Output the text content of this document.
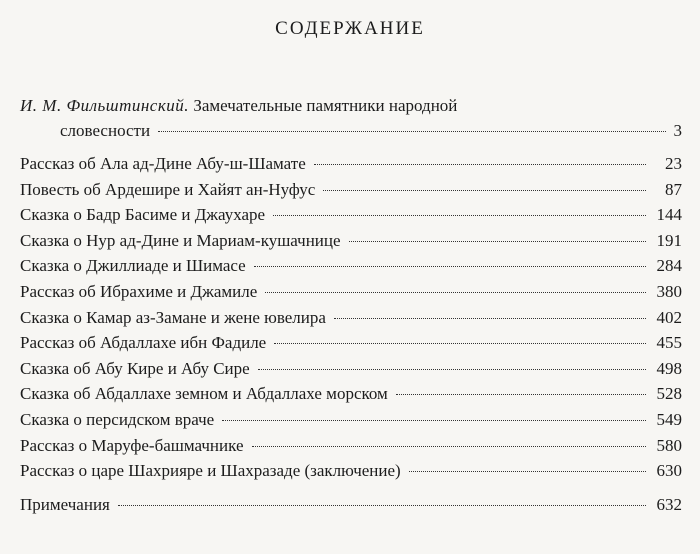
СОДЕРЖАНИЕ
И. М. Фильштинский. Замечательные памятники народной
словесности	3
Рассказ об Ала ад-Дине Абу-ш-Шамате	23
Повесть об Ардешире и Хайят ан-Нуфус	87
Сказка о Бадр Басиме и Джаухаре	144
Сказка о Нур ад-Дине и Мариам-кушачнице	191
Сказка о Джиллиаде и Шимасе	284
Рассказ об Ибрахиме и Джамиле	380
Сказка о Камар аз-Замане и жене ювелира	402
Рассказ об Абдаллахе ибн Фадиле	455
Сказка об Абу Кире и Абу Сире	498
Сказка об Абдаллахе земном и Абдаллахе морском	528
Сказка о персидском враче	549
Рассказ о Маруфе-башмачнике	580
Рассказ о царе Шахрияре и Шахразаде (заключение)	630
Примечания	632
